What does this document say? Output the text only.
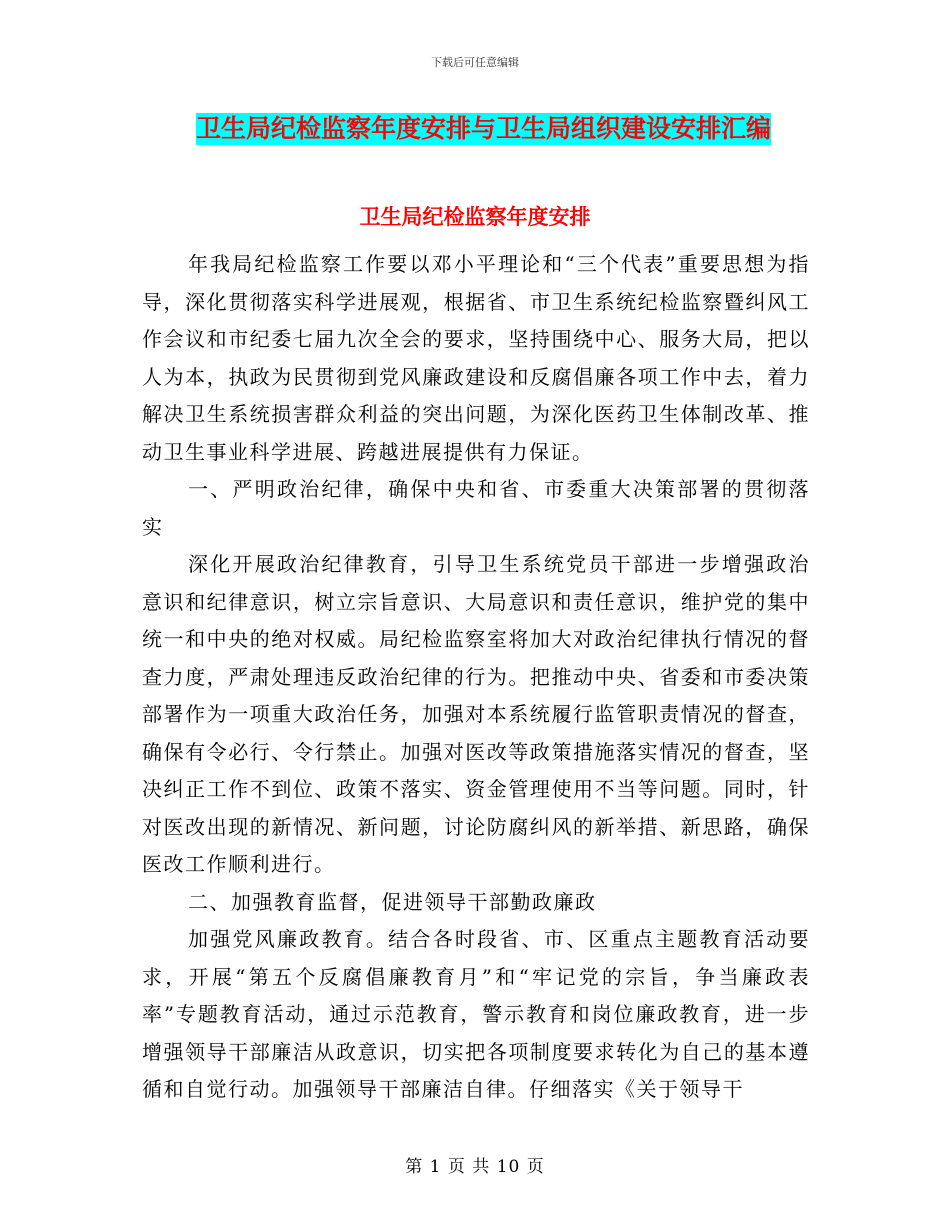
下载后可任意编辑
卫生局纪检监察年度安排与卫生局组织建设安排汇编
卫生局纪检监察年度安排

年我局纪检监察工作要以邓小平理论和“三个代表”重要思想为指导，深化贯彻落实科学进展观，根据省、市卫生系统纪检监察暨纠风工作会议和市纪委七届九次全会的要求，坚持围绕中心、服务大局，把以人为本，执政为民贯彻到党风廉政建设和反腐倡廉各项工作中去，着力解决卫生系统损害群众利益的突出问题，为深化医药卫生体制改革、推动卫生事业科学进展、跨越进展提供有力保证。

一、严明政治纪律，确保中央和省、市委重大决策部署的贯彻落实

深化开展政治纪律教育，引导卫生系统党员干部进一步增强政治意识和纪律意识，树立宗旨意识、大局意识和责任意识，维护党的集中统一和中央的绝对权威。局纪检监察室将加大对政治纪律执行情况的督查力度，严肃处理违反政治纪律的行为。把推动中央、省委和市委决策部署作为一项重大政治任务，加强对本系统履行监管职责情况的督查，确保有令必行、令行禁止。加强对医改等政策措施落实情况的督查，坚决纠正工作不到位、政策不落实、资金管理使用不当等问题。同时，针对医改出现的新情况、新问题，讨论防腐纠风的新举措、新思路，确保医改工作顺利进行。

二、加强教育监督，促进领导干部勤政廉政

加强党风廉政教育。结合各时段省、市、区重点主题教育活动要求，开展“第五个反腐倡廉教育月”和“牢记党的宗旨，争当廉政表率”专题教育活动，通过示范教育，警示教育和岗位廉政教育，进一步增强领导干部廉洁从政意识，切实把各项制度要求转化为自己的基本遵循和自觉行动。加强领导干部廉洁自律。仔细落实《关于领导干

第 1 页 共 10 页
